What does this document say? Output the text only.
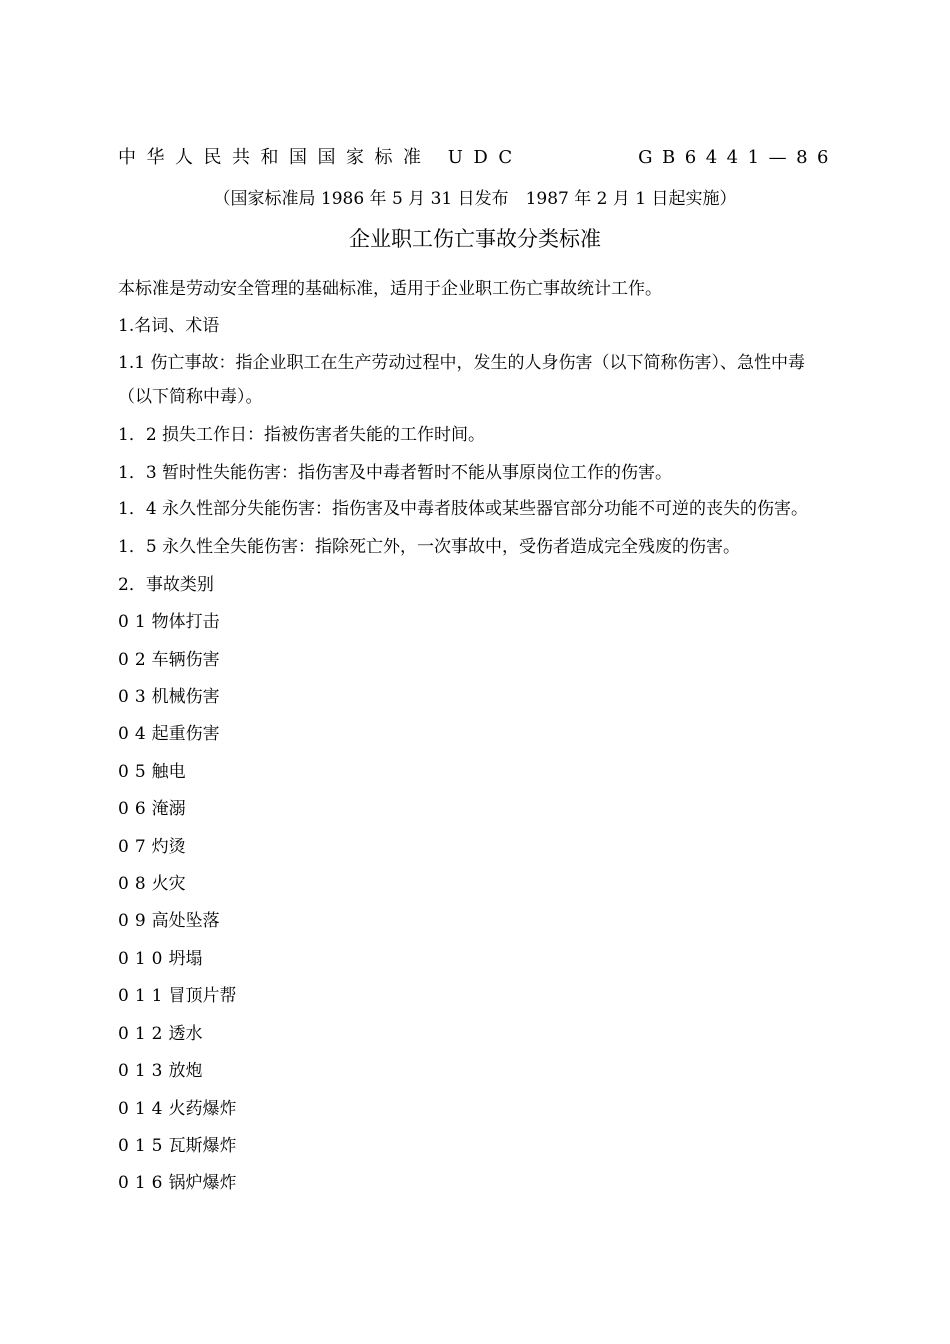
中华人民共和国国家标准 UDC	GB6441—86
（国家标准局 1986 年 5 月 31 日发布　1987 年 2 月 1 日起实施）
企业职工伤亡事故分类标准

本标准是劳动安全管理的基础标准，适用于企业职工伤亡事故统计工作。

1.名词、术语

1.1 伤亡事故：指企业职工在生产劳动过程中，发生的人身伤害（以下简称伤害）、急性中毒（以下简称中毒）。

1．2 损失工作日：指被伤害者失能的工作时间。

1．3 暂时性失能伤害：指伤害及中毒者暂时不能从事原岗位工作的伤害。

1．4 永久性部分失能伤害：指伤害及中毒者肢体或某些器官部分功能不可逆的丧失的伤害。

1．5 永久性全失能伤害：指除死亡外，一次事故中，受伤者造成完全残废的伤害。

2．事故类别

01物体打击
02车辆伤害
03机械伤害
04起重伤害
05触电
06淹溺
07灼烫
08火灾
09高处坠落
010坍塌
011冒顶片帮
012透水
013放炮
014火药爆炸
015瓦斯爆炸
016锅炉爆炸
